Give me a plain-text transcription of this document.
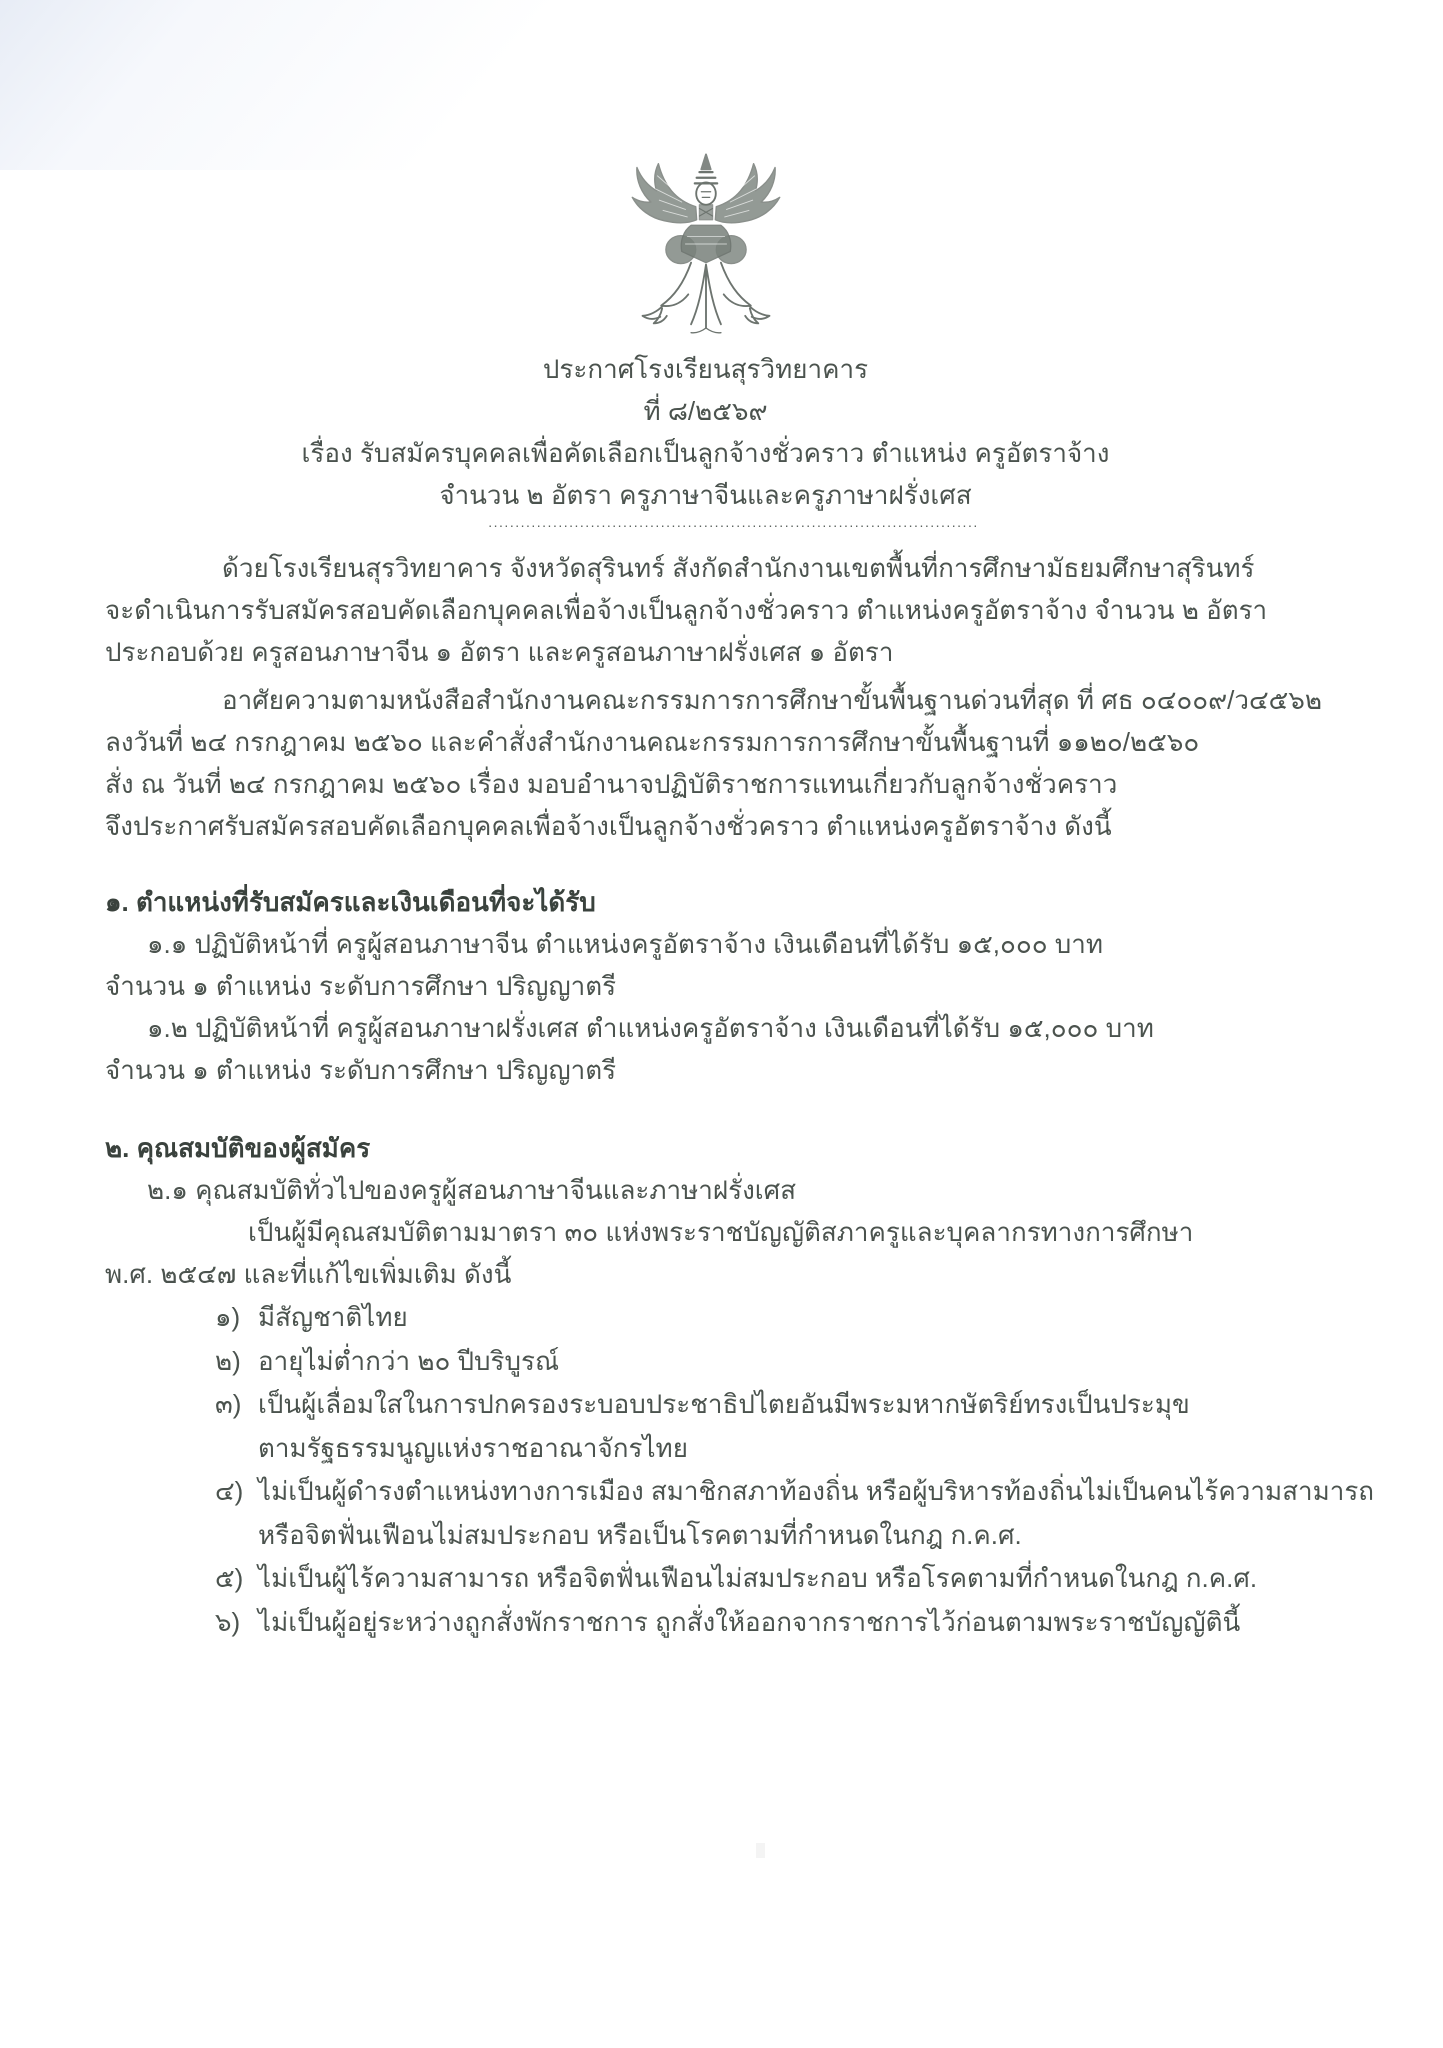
ประกาศโรงเรียนสุรวิทยาคาร
ที่ ๘/๒๕๖๙
เรื่อง รับสมัครบุคคลเพื่อคัดเลือกเป็นลูกจ้างชั่วคราว ตำแหน่ง ครูอัตราจ้าง
จำนวน ๒ อัตรา ครูภาษาจีนและครูภาษาฝรั่งเศส
...........................................................................................
ด้วยโรงเรียนสุรวิทยาคาร จังหวัดสุรินทร์ สังกัดสำนักงานเขตพื้นที่การศึกษามัธยมศึกษาสุรินทร์
จะดำเนินการรับสมัครสอบคัดเลือกบุคคลเพื่อจ้างเป็นลูกจ้างชั่วคราว ตำแหน่งครูอัตราจ้าง จำนวน ๒ อัตรา
ประกอบด้วย ครูสอนภาษาจีน ๑ อัตรา และครูสอนภาษาฝรั่งเศส ๑ อัตรา
อาศัยความตามหนังสือสำนักงานคณะกรรมการการศึกษาขั้นพื้นฐานด่วนที่สุด ที่ ศธ ๐๔๐๐๙/ว๔๕๖๒
ลงวันที่ ๒๔ กรกฎาคม ๒๕๖๐ และคำสั่งสำนักงานคณะกรรมการการศึกษาขั้นพื้นฐานที่ ๑๑๒๐/๒๕๖๐
สั่ง ณ วันที่ ๒๔ กรกฎาคม ๒๕๖๐ เรื่อง มอบอำนาจปฏิบัติราชการแทนเกี่ยวกับลูกจ้างชั่วคราว
จึงประกาศรับสมัครสอบคัดเลือกบุคคลเพื่อจ้างเป็นลูกจ้างชั่วคราว ตำแหน่งครูอัตราจ้าง ดังนี้
๑. ตำแหน่งที่รับสมัครและเงินเดือนที่จะได้รับ
๑.๑ ปฏิบัติหน้าที่ ครูผู้สอนภาษาจีน ตำแหน่งครูอัตราจ้าง เงินเดือนที่ได้รับ ๑๕,๐๐๐ บาท
จำนวน ๑ ตำแหน่ง ระดับการศึกษา ปริญญาตรี
๑.๒ ปฏิบัติหน้าที่ ครูผู้สอนภาษาฝรั่งเศส ตำแหน่งครูอัตราจ้าง เงินเดือนที่ได้รับ ๑๕,๐๐๐ บาท
จำนวน ๑ ตำแหน่ง ระดับการศึกษา ปริญญาตรี
๒. คุณสมบัติของผู้สมัคร
๒.๑ คุณสมบัติทั่วไปของครูผู้สอนภาษาจีนและภาษาฝรั่งเศส
เป็นผู้มีคุณสมบัติตามมาตรา ๓๐ แห่งพระราชบัญญัติสภาครูและบุคลากรทางการศึกษา
พ.ศ. ๒๕๔๗ และที่แก้ไขเพิ่มเติม ดังนี้
๑) มีสัญชาติไทย
๒) อายุไม่ต่ำกว่า ๒๐ ปีบริบูรณ์
๓) เป็นผู้เลื่อมใสในการปกครองระบอบประชาธิปไตยอันมีพระมหากษัตริย์ทรงเป็นประมุข
ตามรัฐธรรมนูญแห่งราชอาณาจักรไทย
๔) ไม่เป็นผู้ดำรงตำแหน่งทางการเมือง สมาชิกสภาท้องถิ่น หรือผู้บริหารท้องถิ่นไม่เป็นคนไร้ความสามารถ
หรือจิตฟั่นเฟือนไม่สมประกอบ หรือเป็นโรคตามที่กำหนดในกฎ ก.ค.ศ.
๕) ไม่เป็นผู้ไร้ความสามารถ หรือจิตฟั่นเฟือนไม่สมประกอบ หรือโรคตามที่กำหนดในกฎ ก.ค.ศ.
๖) ไม่เป็นผู้อยู่ระหว่างถูกสั่งพักราชการ ถูกสั่งให้ออกจากราชการไว้ก่อนตามพระราชบัญญัตินี้
